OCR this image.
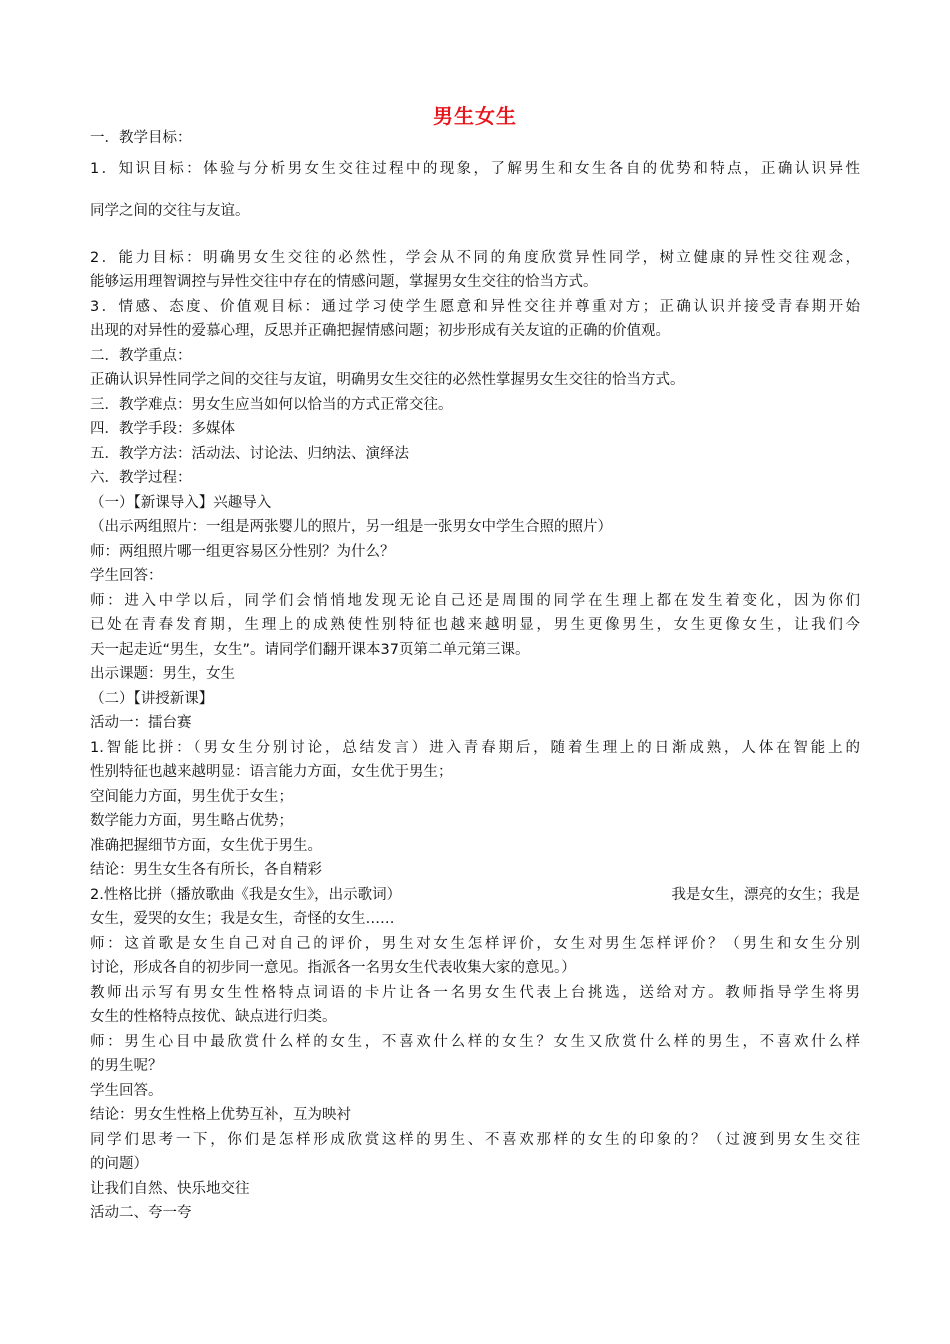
男生女生
一．教学目标：
1．知识目标：体验与分析男女生交往过程中的现象，了解男生和女生各自的优势和特点，正确认识异性
同学之间的交往与友谊。
2．能力目标：明确男女生交往的必然性，学会从不同的角度欣赏异性同学，树立健康的异性交往观念，
能够运用理智调控与异性交往中存在的情感问题，掌握男女生交往的恰当方式。
3．情感、态度、价值观目标：通过学习使学生愿意和异性交往并尊重对方；正确认识并接受青春期开始
出现的对异性的爱慕心理，反思并正确把握情感问题；初步形成有关友谊的正确的价值观。
二．教学重点：
正确认识异性同学之间的交往与友谊，明确男女生交往的必然性掌握男女生交往的恰当方式。
三．教学难点：男女生应当如何以恰当的方式正常交往。
四．教学手段：多媒体
五．教学方法：活动法、讨论法、归纳法、演绎法
六．教学过程：
（一）【新课导入】兴趣导入
（出示两组照片：一组是两张婴儿的照片，另一组是一张男女中学生合照的照片）
师：两组照片哪一组更容易区分性别？为什么？
学生回答：
师：进入中学以后，同学们会悄悄地发现无论自己还是周围的同学在生理上都在发生着变化，因为你们
已处在青春发育期，生理上的成熟使性别特征也越来越明显，男生更像男生，女生更像女生，让我们今
天一起走近“男生，女生”。请同学们翻开课本37页第二单元第三课。
出示课题：男生，女生
（二）【讲授新课】
活动一：擂台赛
1.智能比拼：（男女生分别讨论，总结发言）进入青春期后，随着生理上的日渐成熟，人体在智能上的
性别特征也越来越明显：语言能力方面，女生优于男生；
空间能力方面，男生优于女生；
数学能力方面，男生略占优势；
准确把握细节方面，女生优于男生。
结论：男生女生各有所长，各自精彩
2.性格比拼（播放歌曲《我是女生》，出示歌词）	我是女生，漂亮的女生；我是
女生，爱哭的女生；我是女生，奇怪的女生……
师：这首歌是女生自己对自己的评价，男生对女生怎样评价，女生对男生怎样评价？（男生和女生分别
讨论，形成各自的初步同一意见。指派各一名男女生代表收集大家的意见。）
教师出示写有男女生性格特点词语的卡片让各一名男女生代表上台挑选，送给对方。教师指导学生将男
女生的性格特点按优、缺点进行归类。
师：男生心目中最欣赏什么样的女生，不喜欢什么样的女生？女生又欣赏什么样的男生，不喜欢什么样
的男生呢？
学生回答。
结论：男女生性格上优势互补，互为映衬
同学们思考一下，你们是怎样形成欣赏这样的男生、不喜欢那样的女生的印象的？（过渡到男女生交往
的问题）
让我们自然、快乐地交往
活动二、夸一夸
